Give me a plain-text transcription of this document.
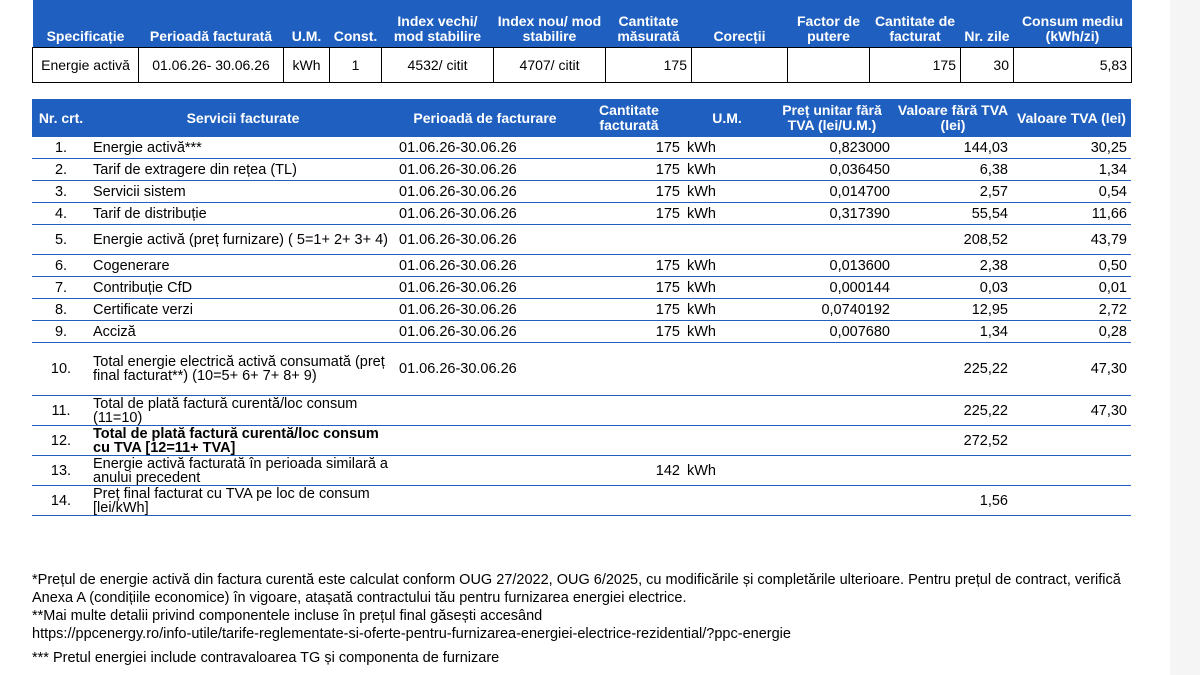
Specificație	Perioadă facturată	U.M.	Const.	Index vechi/ mod stabilire	Index nou/ mod stabilire	Cantitate măsurată	Corecții	Factor de putere	Cantitate de facturat	Nr. zile	Consum mediu (kWh/zi)
Energie activă	01.06.26- 30.06.26	kWh	1	4532/ citit	4707/ citit	175			175	30	5,83
Nr. crt.	Servicii facturate	Perioadă de facturare	Cantitate facturată	U.M.	Preț unitar fără TVA (lei/U.M.)	Valoare fără TVA (lei)	Valoare TVA (lei)
1.	Energie activă***	01.06.26-30.06.26	175	kWh	0,823000	144,03	30,25
2.	Tarif de extragere din rețea (TL)	01.06.26-30.06.26	175	kWh	0,036450	6,38	1,34
3.	Servicii sistem	01.06.26-30.06.26	175	kWh	0,014700	2,57	0,54
4.	Tarif de distribuție	01.06.26-30.06.26	175	kWh	0,317390	55,54	11,66
5.	Energie activă (preț furnizare) ( 5=1+ 2+ 3+ 4)	01.06.26-30.06.26				208,52	43,79
6.	Cogenerare	01.06.26-30.06.26	175	kWh	0,013600	2,38	0,50
7.	Contribuție CfD	01.06.26-30.06.26	175	kWh	0,000144	0,03	0,01
8.	Certificate verzi	01.06.26-30.06.26	175	kWh	0,0740192	12,95	2,72
9.	Acciză	01.06.26-30.06.26	175	kWh	0,007680	1,34	0,28
10.	Total energie electrică activă consumată (preț final facturat**) (10=5+ 6+ 7+ 8+ 9)	01.06.26-30.06.26				225,22	47,30
11.	Total de plată factură curentă/loc consum (11=10)					225,22	47,30
12.	Total de plată factură curentă/loc consum cu TVA [12=11+ TVA]					272,52	
13.	Energie activă facturată în perioada similară a anului precedent		142	kWh			
14.	Preț final facturat cu TVA pe loc de consum [lei/kWh]					1,56	

*Prețul de energie activă din factura curentă este calculat conform OUG 27/2022, OUG 6/2025, cu modificările și completările ulterioare. Pentru prețul de contract, verifică Anexa A (condițiile economice) în vigoare, atașată contractului tău pentru furnizarea energiei electrice.

**Mai multe detalii privind componentele incluse în prețul final găsești accesând

https://ppcenergy.ro/info-utile/tarife-reglementate-si-oferte-pentru-furnizarea-energiei-electrice-rezidential/?ppc-energie

*** Pretul energiei include contravaloarea TG și componenta de furnizare
